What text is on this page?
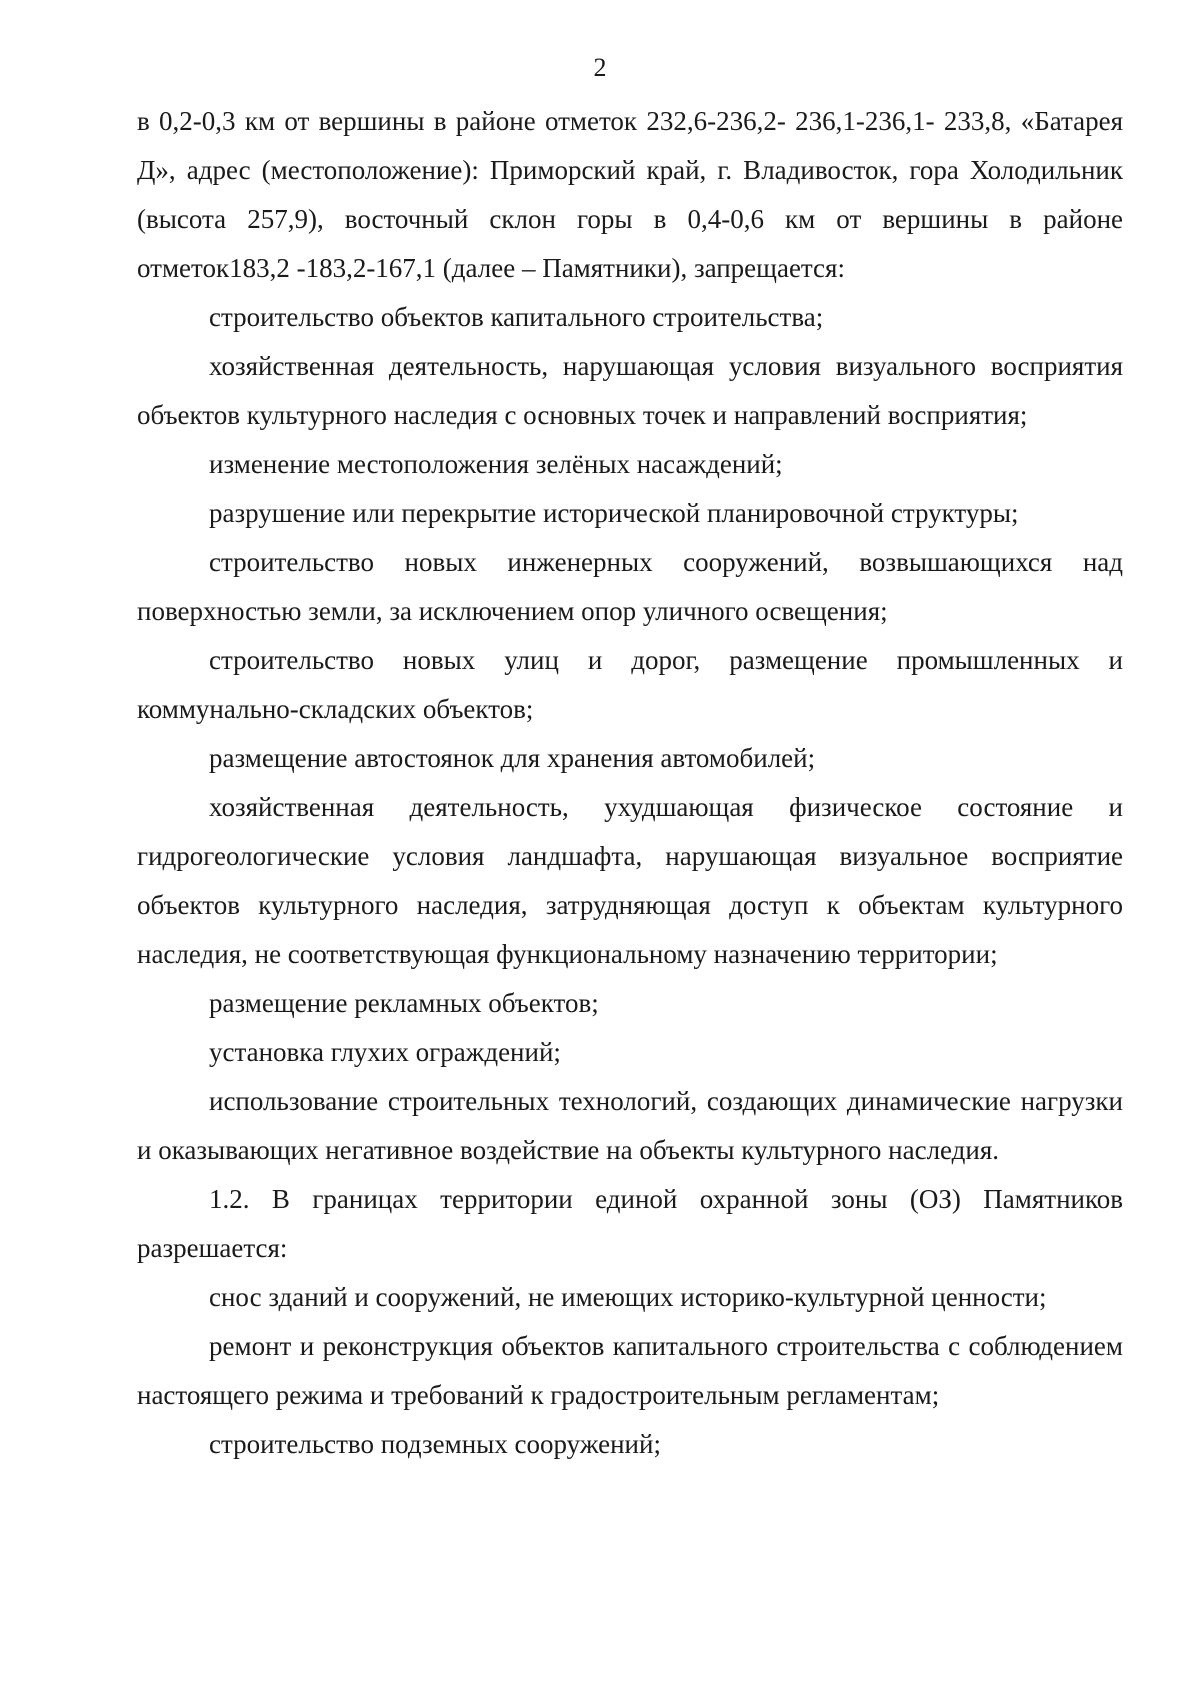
2

в 0,2-0,3 км от вершины в районе отметок 232,6-236,2- 236,1-236,1- 233,8, «Батарея Д», адрес (местоположение): Приморский край, г. Владивосток, гора Холодильник (высота 257,9), восточный склон горы в 0,4-0,6 км от вершины в районе отметок183,2 -183,2-167,1 (далее – Памятники), запрещается:

строительство объектов капитального строительства;

хозяйственная деятельность, нарушающая условия визуального восприятия объектов культурного наследия с основных точек и направлений восприятия;

изменение местоположения зелёных насаждений;

разрушение или перекрытие исторической планировочной структуры;

строительство новых инженерных сооружений, возвышающихся над поверхностью земли, за исключением опор уличного освещения;

строительство новых улиц и дорог, размещение промышленных и коммунально-складских объектов;

размещение автостоянок для хранения автомобилей;

хозяйственная деятельность, ухудшающая физическое состояние и гидрогеологические условия ландшафта, нарушающая визуальное восприятие объектов культурного наследия, затрудняющая доступ к объектам культурного наследия, не соответствующая функциональному назначению территории;

размещение рекламных объектов;

установка глухих ограждений;

использование строительных технологий, создающих динамические нагрузки и оказывающих негативное воздействие на объекты культурного наследия.

1.2. В границах территории единой охранной зоны (ОЗ) Памятников разрешается:

снос зданий и сооружений, не имеющих историко-культурной ценности;

ремонт и реконструкция объектов капитального строительства с соблюдением настоящего режима и требований к градостроительным регламентам;

строительство подземных сооружений;
